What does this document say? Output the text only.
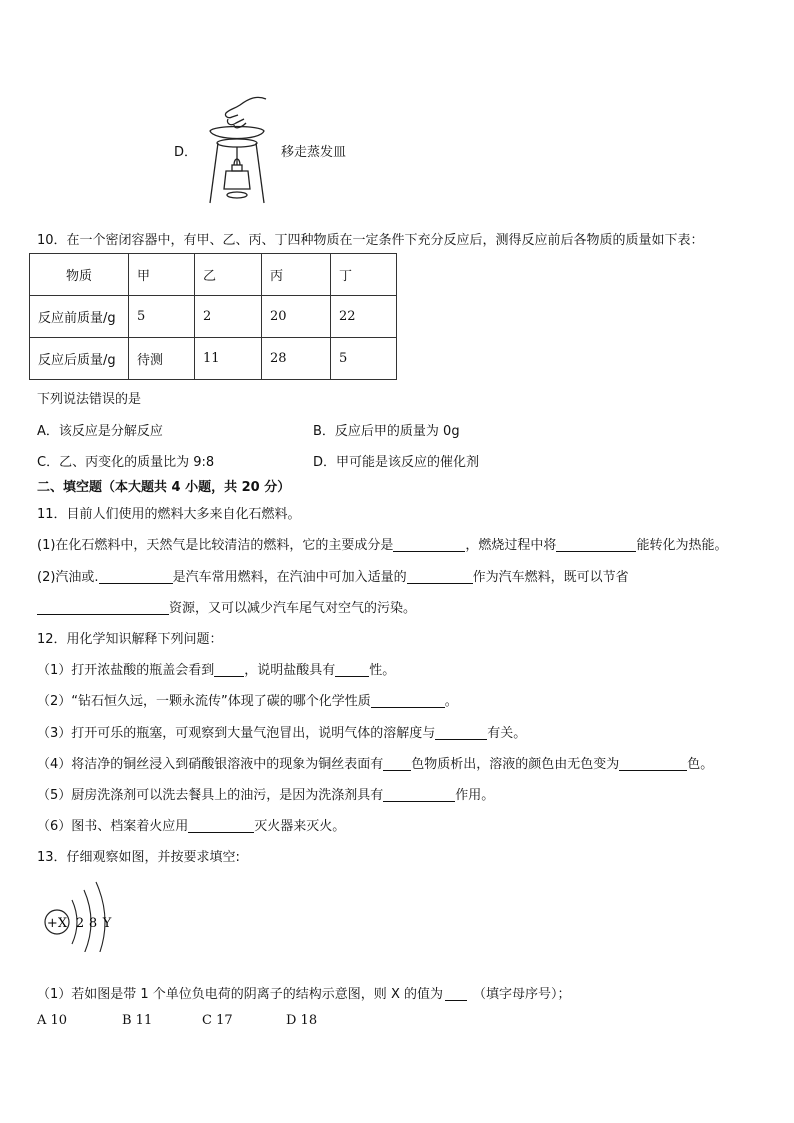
D．	移走蒸发皿
10．在一个密闭容器中，有甲、乙、丙、丁四种物质在一定条件下充分反应后，测得反应前后各物质的质量如下表：
物质	甲	乙	丙	丁
反应前质量/g	5	2	20	22
反应后质量/g	待测	11	28	5
下列说法错误的是
A．该反应是分解反应	B．反应后甲的质量为 0g
C．乙、丙变化的质量比为 9:8	D．甲可能是该反应的催化剂
二、填空题（本大题共 4 小题，共 20 分）
11．目前人们使用的燃料大多来自化石燃料。
(1)在化石燃料中，天然气是比较清洁的燃料，它的主要成分是	，燃烧过程中将	能转化为热能。
(2)汽油或.	是汽车常用燃料，在汽油中可加入适量的	作为汽车燃料，既可以节省
资源，又可以减少汽车尾气对空气的污染。
12．用化学知识解释下列问题：
（1）打开浓盐酸的瓶盖会看到 ，说明盐酸具有	性。
（2）“钻石恒久远，一颗永流传”体现了碳的哪个化学性质	。
（3）打开可乐的瓶塞，可观察到大量气泡冒出，说明气体的溶解度与	有关。
（4）将洁净的铜丝浸入到硝酸银溶液中的现象为铜丝表面有 色物质析出，溶液的颜色由无色变为	色。
（5）厨房洗涤剂可以洗去餐具上的油污，是因为洗涤剂具有	作用。
（6）图书、档案着火应用	灭火器来灭火。
13．仔细观察如图，并按要求填空:
+X 2 8 Y
（1）若如图是带 1 个单位负电荷的阴离子的结构示意图，则 X 的值为 （填字母序号）；
A 10	B 11	C 17	D 18
